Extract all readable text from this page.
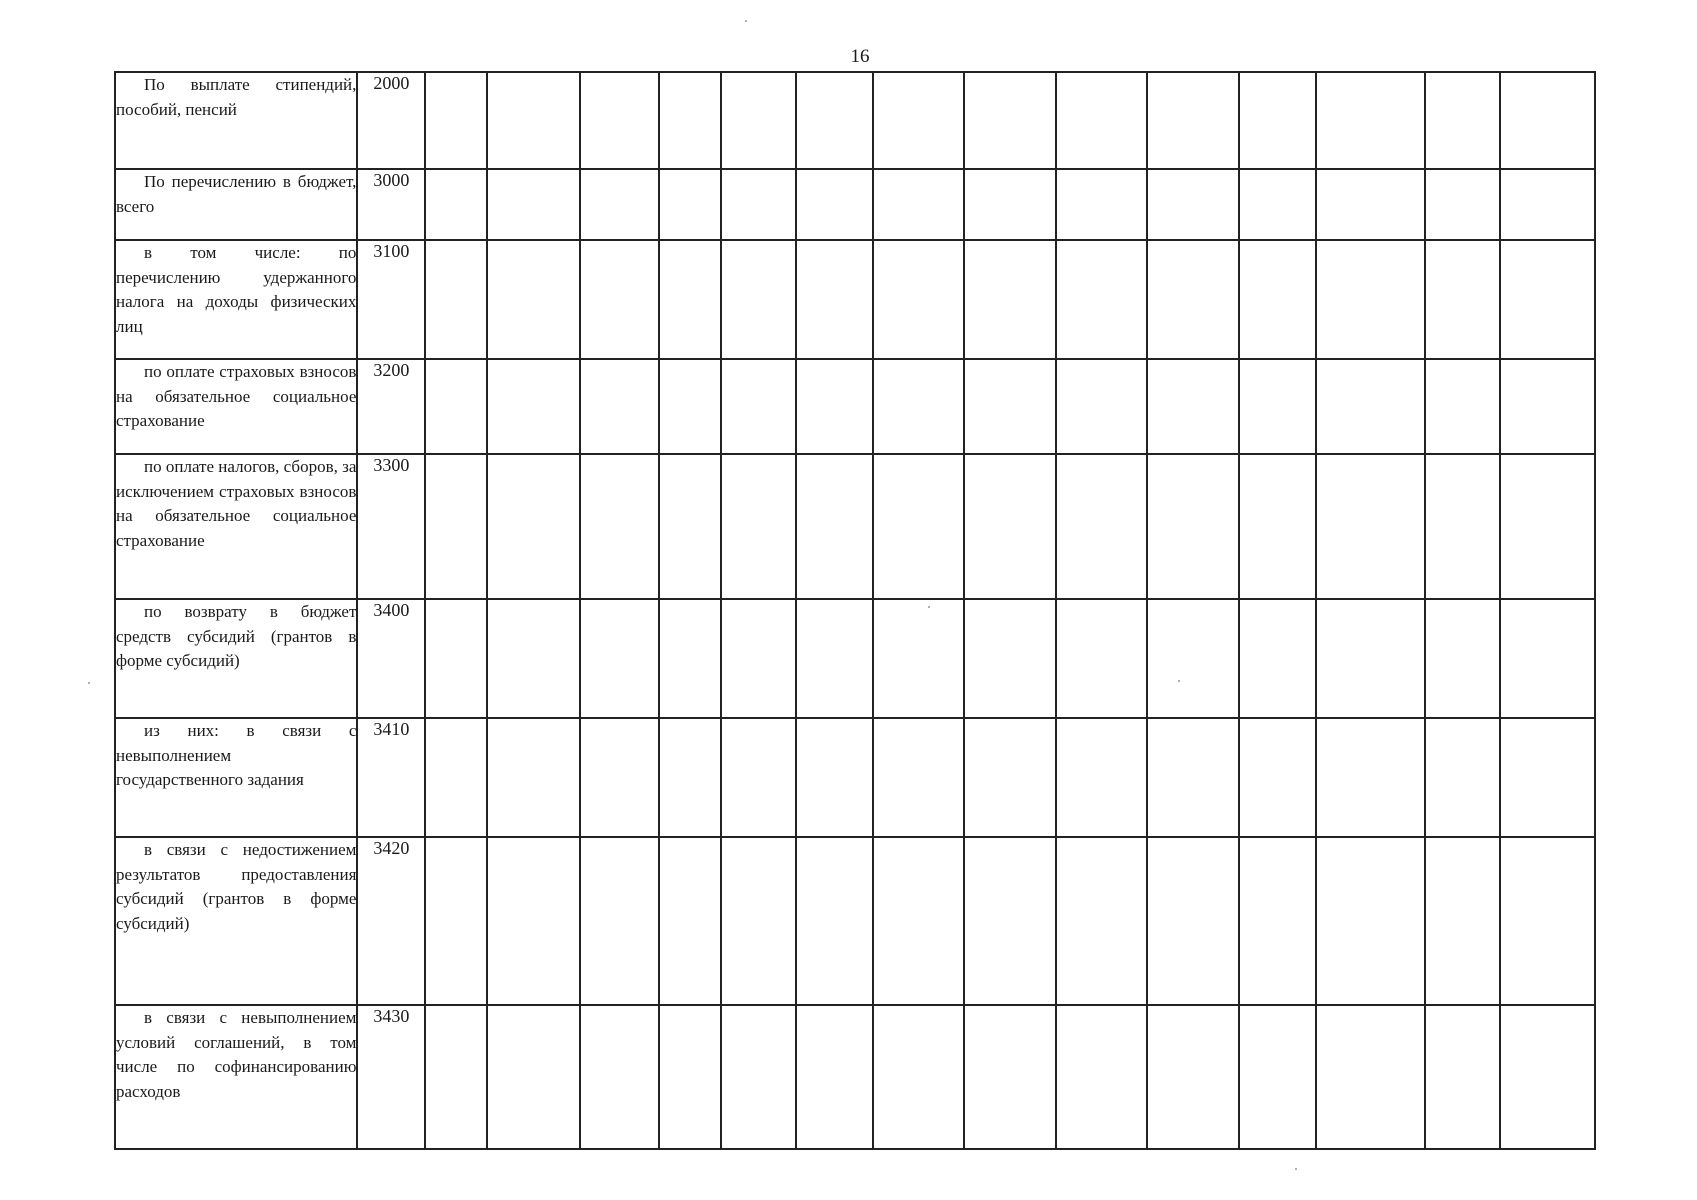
16
По выплате стипендий, пособий, пенсий	2000														
По перечислению в бюджет, всего	3000														
в том числе: по перечислению удержанного налога на доходы физических лиц	3100														
по оплате страховых взносов на обязательное социальное страхование	3200														
по оплате налогов, сборов, за исключением страховых взносов на обязательное социальное страхование	3300														
по возврату в бюджет средств субсидий (грантов в форме субсидий)	3400														
из них: в связи с невыполнением государственного задания	3410														
в связи с недостижением результатов предоставления субсидий (грантов в форме субсидий)	3420														
в связи с невыполнением условий соглашений, в том числе по софинансированию расходов	3430														
